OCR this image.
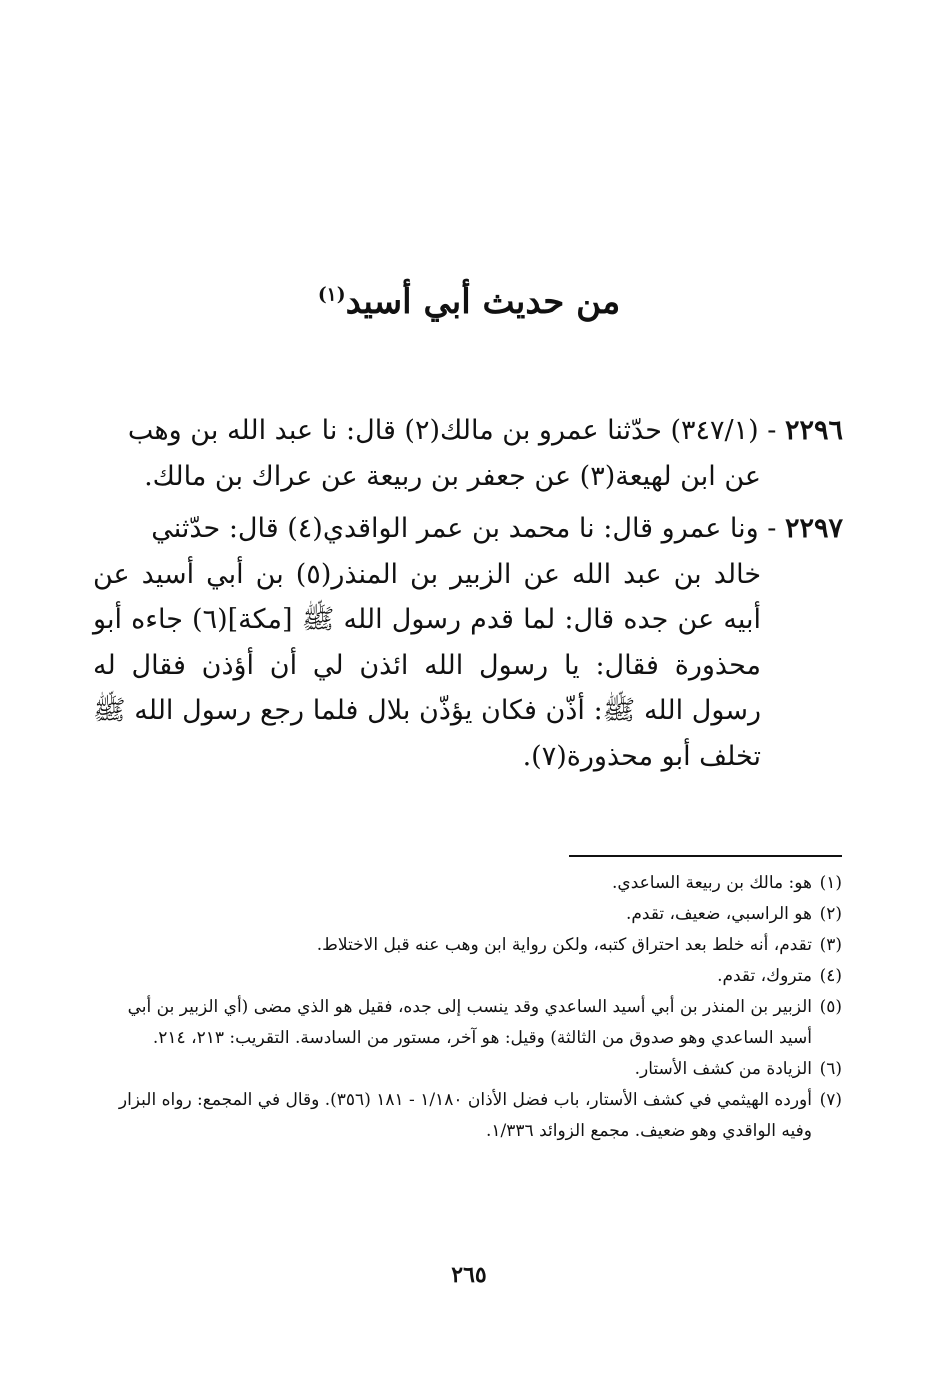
من حديث أبي أسيد$^{(١)}$
٢٢٩٦ - (٣٤٧/١) حدّثنا عمرو بن مالك(٢) قال: نا عبد الله بن وهب
عن ابن لهيعة(٣) عن جعفر بن ربيعة عن عراك بن مالك.
٢٢٩٧ - ونا عمرو قال: نا محمد بن عمر الواقدي(٤) قال: حدّثني
خالد بن عبد الله عن الزبير بن المنذر(٥) بن أبي أسيد عن أبيه عن جده قال: لما قدم رسول الله ﷺ [مكة](٦) جاءه أبو محذورة فقال: يا رسول الله ائذن لي أن أؤذن فقال له رسول الله ﷺ: أذّن فكان يؤذّن بلال فلما رجع رسول الله ﷺ تخلف أبو محذورة(٧).
(١)
هو: مالك بن ربيعة الساعدي.
(٢)
هو الراسبي، ضعيف، تقدم.
(٣)
تقدم، أنه خلط بعد احتراق كتبه، ولكن رواية ابن وهب عنه قبل الاختلاط.
(٤)
متروك، تقدم.
(٥)
الزبير بن المنذر بن أبي أسيد الساعدي وقد ينسب إلى جده، فقيل هو الذي مضى (أي الزبير بن أبي أسيد الساعدي وهو صدوق من الثالثة) وقيل: هو آخر، مستور من السادسة. التقريب: ٢١٣، ٢١٤.
(٦)
الزيادة من كشف الأستار.
(٧)
أورده الهيثمي في كشف الأستار، باب فضل الأذان ١/١٨٠ - ١٨١ (٣٥٦). وقال في المجمع: رواه البزار وفيه الواقدي وهو ضعيف. مجمع الزوائد ١/٣٣٦.
٢٦٥
